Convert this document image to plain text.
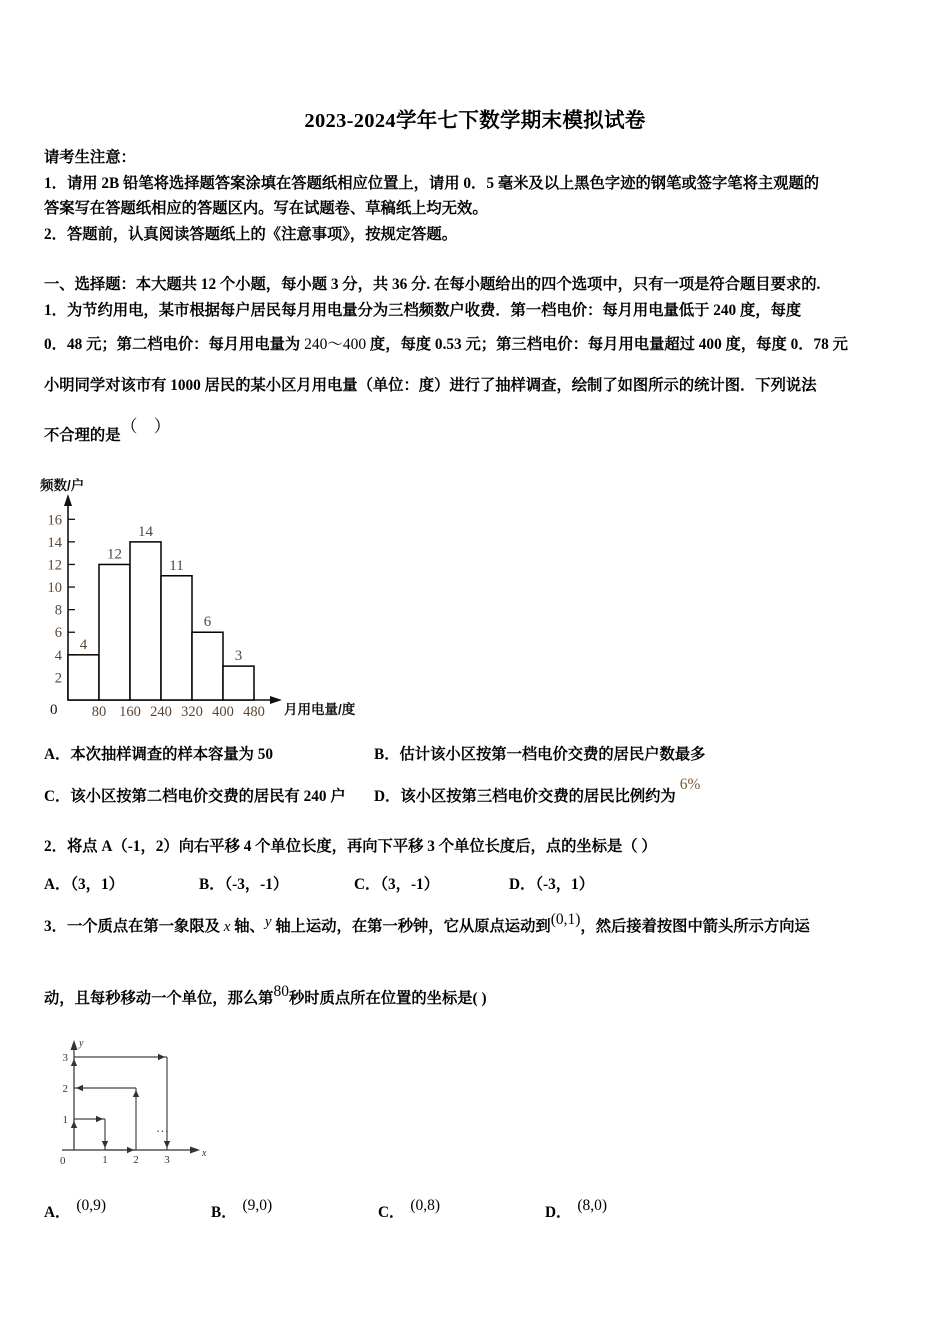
2023-2024学年七下数学期末模拟试卷
请考生注意：
1．请用 2B 铅笔将选择题答案涂填在答题纸相应位置上，请用 0．5 毫米及以上黑色字迹的钢笔或签字笔将主观题的
答案写在答题纸相应的答题区内。写在试题卷、草稿纸上均无效。
2．答题前，认真阅读答题纸上的《注意事项》，按规定答题。
一、选择题：本大题共 12 个小题，每小题 3 分，共 36 分. 在每小题给出的四个选项中，只有一项是符合题目要求的.
1．为节约用电，某市根据每户居民每月用电量分为三档频数户收费．第一档电价：每月用电量低于 240 度，每度
0．48 元；第二档电价：每月用电量为 240～400 度，每度 0.53 元；第三档电价：每月用电量超过 400 度，每度 0．78 元
小明同学对该市有 1000 居民的某小区月用电量（单位：度）进行了抽样调查，绘制了如图所示的统计图．下列说法
不合理的是（ ）
频数/户
2
4
6
8
10
12
14
16
80 160 240 320 400 480
4
12
14
11
6
3
0	月用电量/度
A．本次抽样调查的样本容量为 50	B．估计该小区按第一档电价交费的居民户数最多
C．该小区按第二档电价交费的居民有 240 户 D．该小区按第三档电价交费的居民比例约为6%
2．将点 A（-1，2）向右平移 4 个单位长度，再向下平移 3 个单位长度后，点的坐标是（ ）
A．（3，1）	B．（-3，-1）	C．（3，-1）	D．（-3，1）
3．一个质点在第一象限及 x 轴、y 轴上运动，在第一秒钟，它从原点运动到(0,1)，然后接着按图中箭头所示方向运
动，且每秒移动一个单位，那么第80秒时质点所在位置的坐标是( )
1 2 3
1
2
3
0
x
y
…
A． (0,9)	B． (9,0)	C． (0,8)	D． (8,0)
